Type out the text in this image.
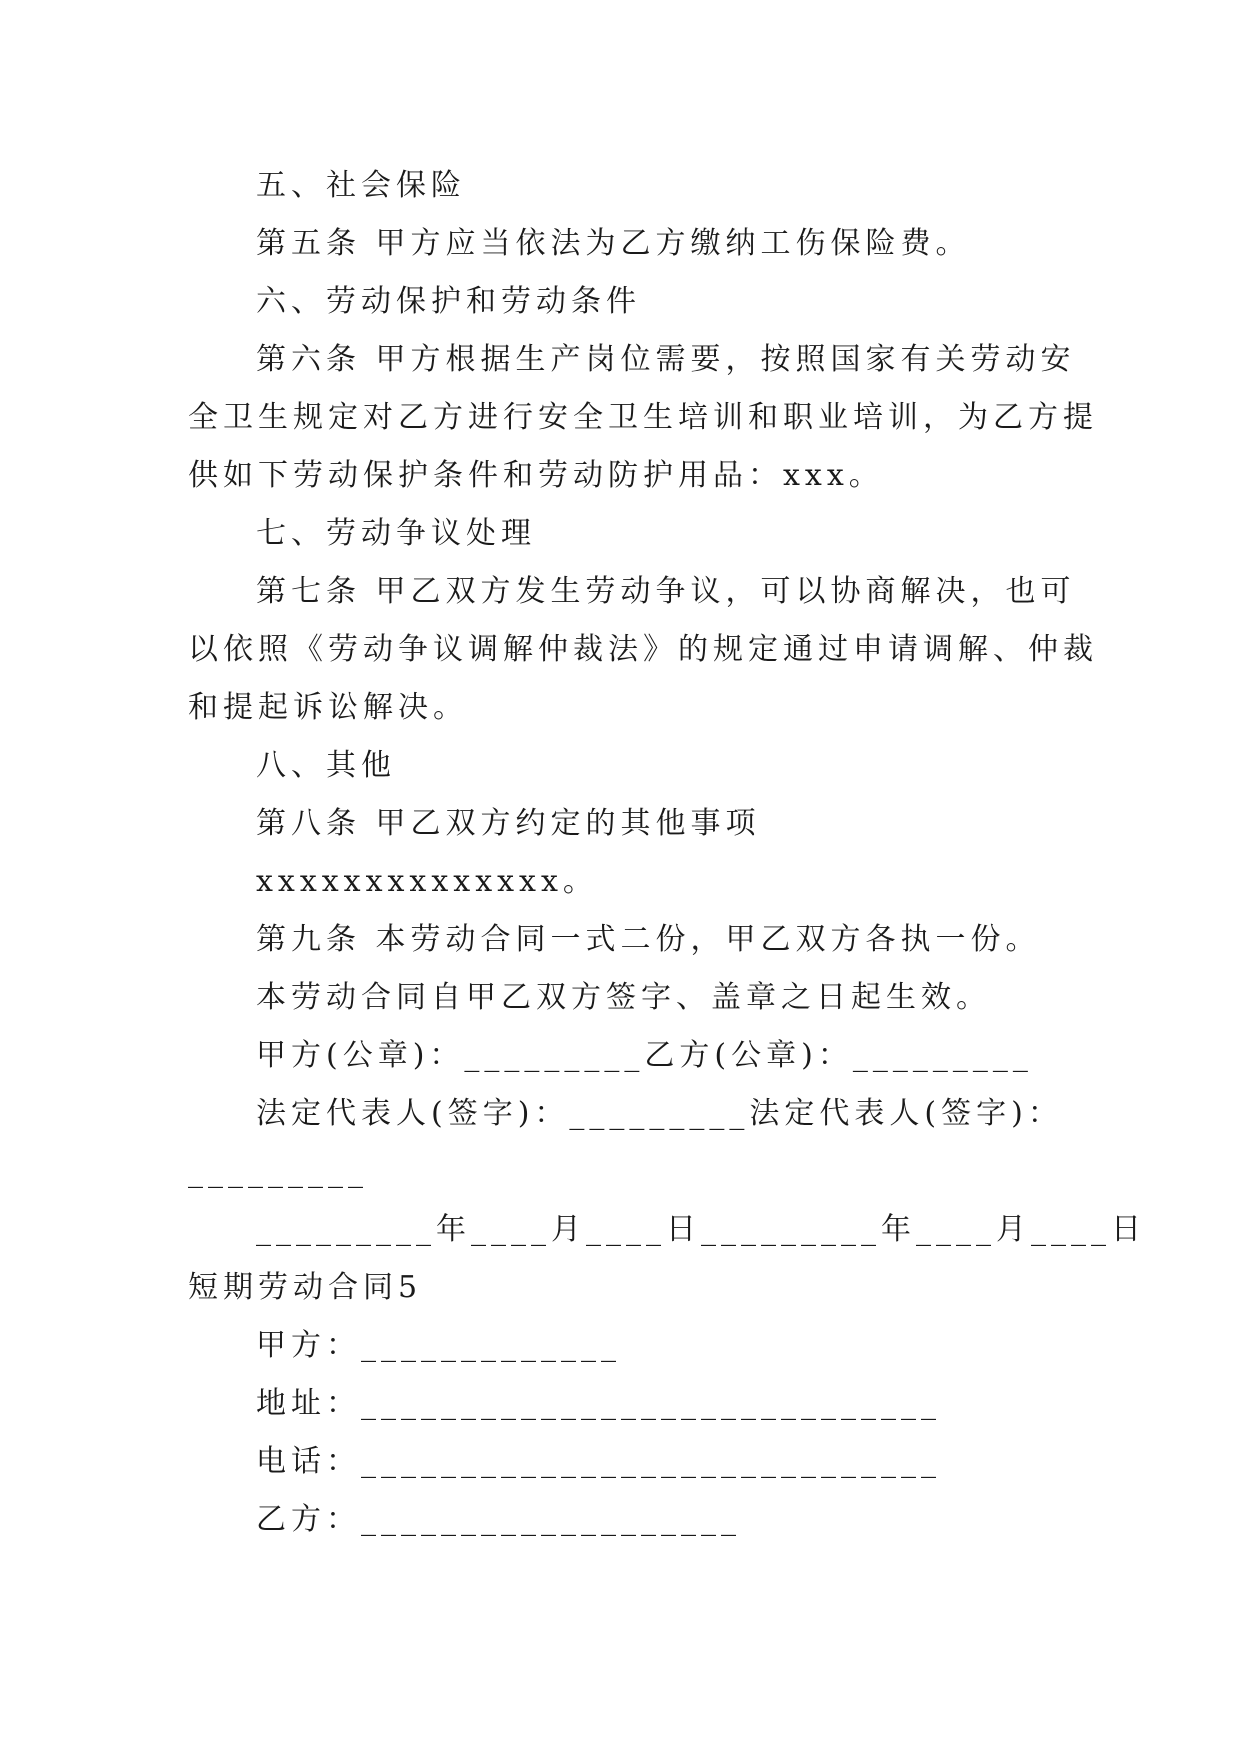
五、社会保险
第五条 甲方应当依法为乙方缴纳工伤保险费。
六、劳动保护和劳动条件
第六条 甲方根据生产岗位需要，按照国家有关劳动安
全卫生规定对乙方进行安全卫生培训和职业培训，为乙方提
供如下劳动保护条件和劳动防护用品：xxx。
七、劳动争议处理
第七条 甲乙双方发生劳动争议，可以协商解决，也可
以依照《劳动争议调解仲裁法》的规定通过申请调解、仲裁
和提起诉讼解决。
八、其他
第八条 甲乙双方约定的其他事项
xxxxxxxxxxxxxx。
第九条 本劳动合同一式二份，甲乙双方各执一份。
本劳动合同自甲乙双方签字、盖章之日起生效。
甲方(公章)：_________乙方(公章)：_________
法定代表人(签字)：_________法定代表人(签字)：
_________
_________年____月____日_________年____月____日
短期劳动合同5
甲方：_____________
地址：_____________________________
电话：_____________________________
乙方：___________________
